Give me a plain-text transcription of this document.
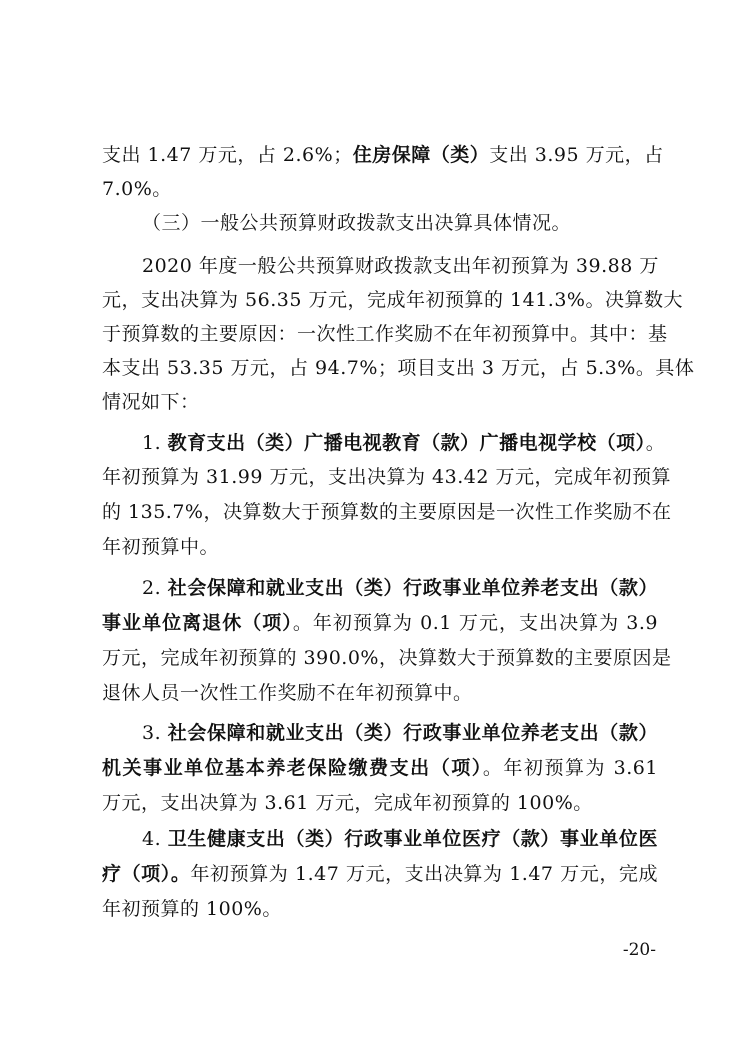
支出 1.47 万元，占 2.6%；住房保障（类）支出 3.95 万元，占
7.0%。
（三）一般公共预算财政拨款支出决算具体情况。
2020 年度一般公共预算财政拨款支出年初预算为 39.88 万
元，支出决算为 56.35 万元，完成年初预算的 141.3%。决算数大
于预算数的主要原因：一次性工作奖励不在年初预算中。其中：基
本支出 53.35 万元，占 94.7%；项目支出 3 万元，占 5.3%。具体
情况如下：
1. 教育支出（类）广播电视教育（款）广播电视学校（项）。
年初预算为 31.99 万元，支出决算为 43.42 万元，完成年初预算
的 135.7%，决算数大于预算数的主要原因是一次性工作奖励不在
年初预算中。
2. 社会保障和就业支出（类）行政事业单位养老支出（款）
事业单位离退休（项）。年初预算为 0.1 万元，支出决算为 3.9
万元，完成年初预算的 390.0%，决算数大于预算数的主要原因是
退休人员一次性工作奖励不在年初预算中。
3. 社会保障和就业支出（类）行政事业单位养老支出（款）
机关事业单位基本养老保险缴费支出（项）。年初预算为 3.61
万元，支出决算为 3.61 万元，完成年初预算的 100%。
4. 卫生健康支出（类）行政事业单位医疗（款）事业单位医
疗（项）。年初预算为 1.47 万元，支出决算为 1.47 万元，完成
年初预算的 100%。
-20-
